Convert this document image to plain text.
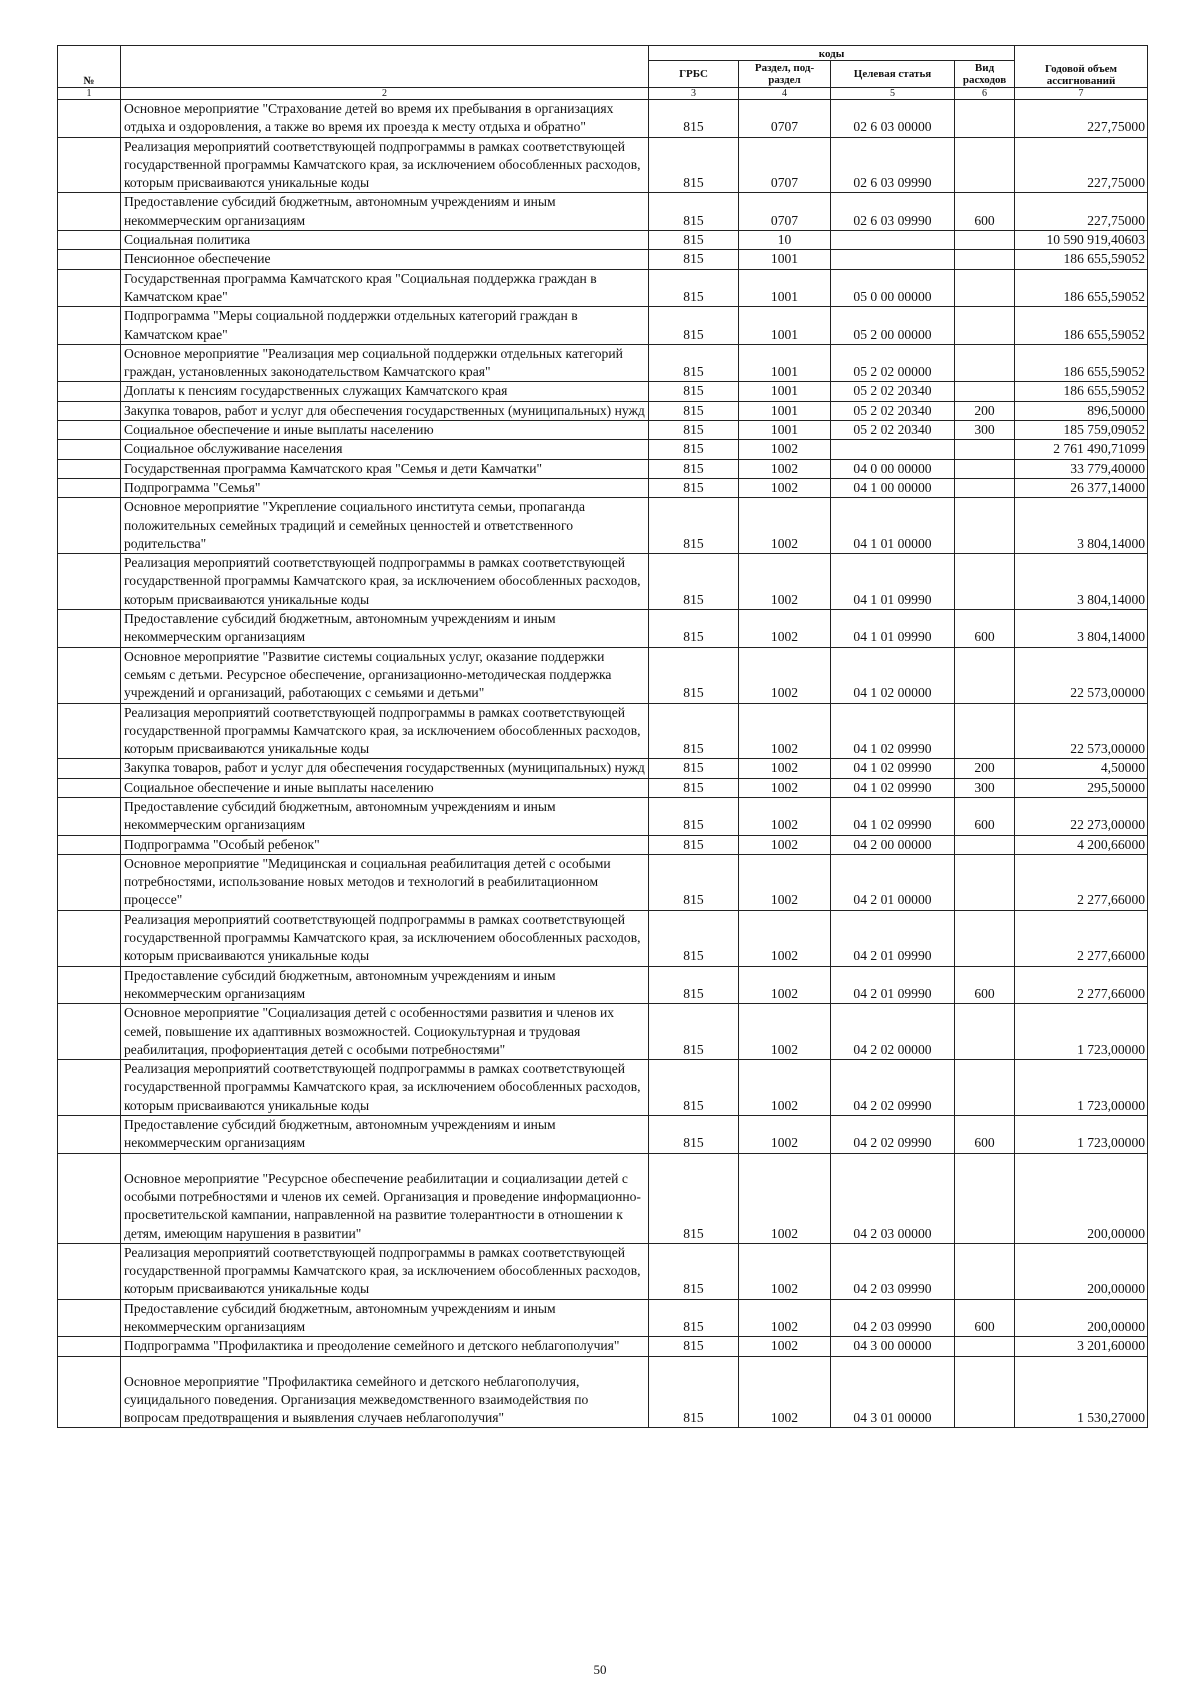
№		коды				Годовой объем ассигнований
		ГРБС	Раздел, под-раздел	Целевая статья	Вид расходов	
1	2	3	4	5	6	7
	Основное мероприятие "Страхование детей во время их пребывания в организациях отдыха и оздоровления, а также во время их проезда к месту отдыха и обратно"	815	0707	02 6 03 00000		227,75000
	Реализация мероприятий соответствующей подпрограммы в рамках соответствующей государственной программы Камчатского края, за исключением обособленных расходов, которым присваиваются уникальные коды	815	0707	02 6 03 09990		227,75000
	Предоставление субсидий бюджетным, автономным учреждениям и иным некоммерческим организациям	815	0707	02 6 03 09990	600	227,75000
	Социальная политика	815	10			10 590 919,40603
	Пенсионное обеспечение	815	1001			186 655,59052
	Государственная программа Камчатского края "Социальная поддержка граждан в Камчатском крае"	815	1001	05 0 00 00000		186 655,59052
	Подпрограмма "Меры социальной поддержки отдельных категорий граждан в Камчатском крае"	815	1001	05 2 00 00000		186 655,59052
	Основное мероприятие "Реализация мер социальной поддержки отдельных категорий граждан, установленных законодательством Камчатского края"	815	1001	05 2 02 00000		186 655,59052
	Доплаты к пенсиям государственных служащих Камчатского края	815	1001	05 2 02 20340		186 655,59052
	Закупка товаров, работ и услуг для обеспечения государственных (муниципальных) нужд	815	1001	05 2 02 20340	200	896,50000
	Социальное обеспечение и иные выплаты населению	815	1001	05 2 02 20340	300	185 759,09052
	Социальное обслуживание населения	815	1002			2 761 490,71099
	Государственная программа Камчатского края "Семья и дети Камчатки"	815	1002	04 0 00 00000		33 779,40000
	Подпрограмма "Семья"	815	1002	04 1 00 00000		26 377,14000
	Основное мероприятие "Укрепление социального института семьи, пропаганда положительных семейных традиций и семейных ценностей и ответственного родительства"	815	1002	04 1 01 00000		3 804,14000
	Реализация мероприятий соответствующей подпрограммы в рамках соответствующей государственной программы Камчатского края, за исключением обособленных расходов, которым присваиваются уникальные коды	815	1002	04 1 01 09990		3 804,14000
	Предоставление субсидий бюджетным, автономным учреждениям и иным некоммерческим организациям	815	1002	04 1 01 09990	600	3 804,14000
	Основное мероприятие "Развитие системы социальных услуг, оказание поддержки семьям с детьми. Ресурсное обеспечение, организационно-методическая поддержка учреждений и организаций, работающих с семьями и детьми"	815	1002	04 1 02 00000		22 573,00000
	Реализация мероприятий соответствующей подпрограммы в рамках соответствующей государственной программы Камчатского края, за исключением обособленных расходов, которым присваиваются уникальные коды	815	1002	04 1 02 09990		22 573,00000
	Закупка товаров, работ и услуг для обеспечения государственных (муниципальных) нужд	815	1002	04 1 02 09990	200	4,50000
	Социальное обеспечение и иные выплаты населению	815	1002	04 1 02 09990	300	295,50000
	Предоставление субсидий бюджетным, автономным учреждениям и иным некоммерческим организациям	815	1002	04 1 02 09990	600	22 273,00000
	Подпрограмма "Особый ребенок"	815	1002	04 2 00 00000		4 200,66000
	Основное мероприятие "Медицинская и социальная реабилитация детей с особыми потребностями, использование новых методов и технологий в реабилитационном процессе"	815	1002	04 2 01 00000		2 277,66000
	Реализация мероприятий соответствующей подпрограммы в рамках соответствующей государственной программы Камчатского края, за исключением обособленных расходов, которым присваиваются уникальные коды	815	1002	04 2 01 09990		2 277,66000
	Предоставление субсидий бюджетным, автономным учреждениям и иным некоммерческим организациям	815	1002	04 2 01 09990	600	2 277,66000
	Основное мероприятие "Социализация детей с особенностями развития и членов их семей, повышение их адаптивных возможностей. Социокультурная и трудовая реабилитация, профориентация детей с особыми потребностями"	815	1002	04 2 02 00000		1 723,00000
	Реализация мероприятий соответствующей подпрограммы в рамках соответствующей государственной программы Камчатского края, за исключением обособленных расходов, которым присваиваются уникальные коды	815	1002	04 2 02 09990		1 723,00000
	Предоставление субсидий бюджетным, автономным учреждениям и иным некоммерческим организациям	815	1002	04 2 02 09990	600	1 723,00000
	Основное мероприятие "Ресурсное обеспечение реабилитации и социализации детей с особыми потребностями и членов их семей. Организация и проведение информационно-просветительской кампании, направленной на развитие толерантности в отношении к детям, имеющим нарушения в развитии"	815	1002	04 2 03 00000		200,00000
	Реализация мероприятий соответствующей подпрограммы в рамках соответствующей государственной программы Камчатского края, за исключением обособленных расходов, которым присваиваются уникальные коды	815	1002	04 2 03 09990		200,00000
	Предоставление субсидий бюджетным, автономным учреждениям и иным некоммерческим организациям	815	1002	04 2 03 09990	600	200,00000
	Подпрограмма "Профилактика и преодоление семейного и детского неблагополучия"	815	1002	04 3 00 00000		3 201,60000
	Основное мероприятие "Профилактика семейного и детского неблагополучия, суицидального поведения. Организация межведомственного взаимодействия по вопросам предотвращения и выявления случаев неблагополучия"	815	1002	04 3 01 00000		1 530,27000
50
